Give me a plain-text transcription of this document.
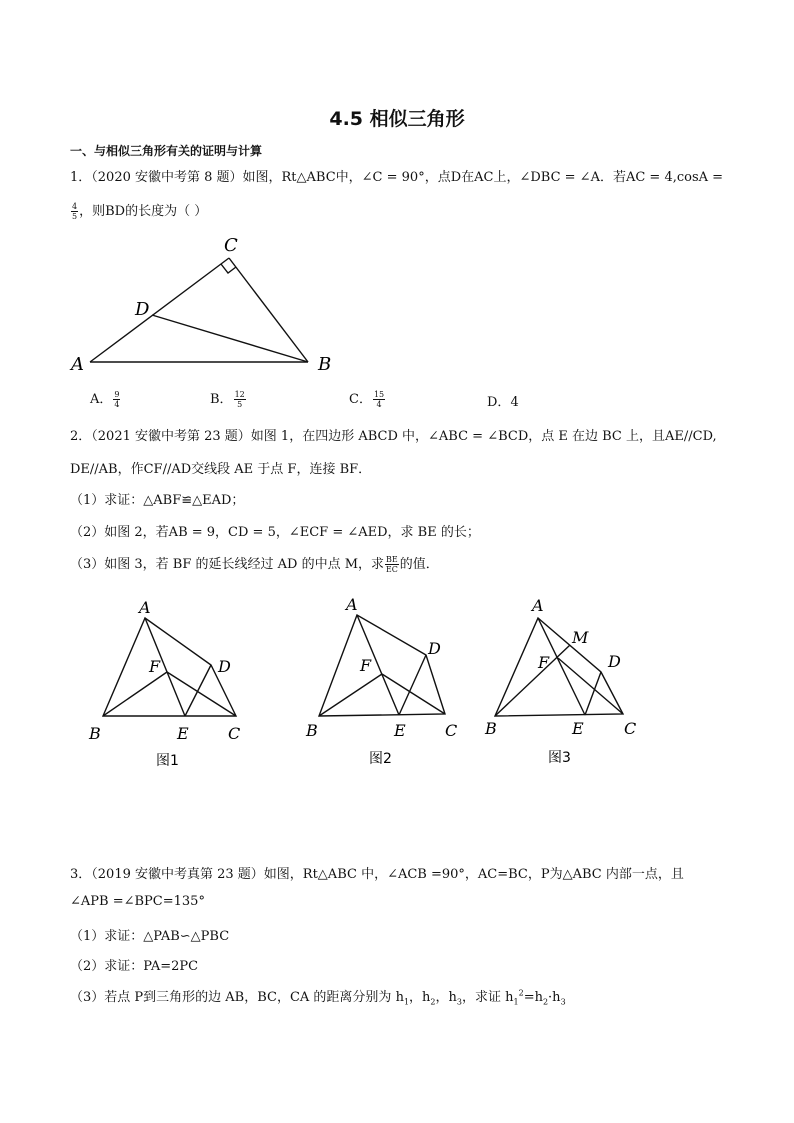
4.5 相似三角形
一、与相似三角形有关的证明与计算
1．（2020 安徽中考第 8 题）如图，Rt△ABC中，∠C = 90°，点D在AC上，∠DBC = ∠A．若AC = 4,cosA =
$\frac{4}{5}$ ，则BD的长度为（ ）
A	B
C
D
A． $\frac{9}{4}$	B． $\frac{12}{5}$	C． $\frac{15}{4}$	D．4
2．（2021 安徽中考第 23 题）如图 1，在四边形 ABCD 中，∠ABC = ∠BCD，点 E 在边 BC 上，且AE//CD,
DE//AB，作CF//AD交线段 AE 于点 F，连接 BF．
（1）求证：△ABF≌△EAD；
（2）如图 2，若AB = 9，CD = 5，∠ECF = ∠AED，求 BE 的长；
（3）如图 3，若 BF 的延长线经过 AD 的中点 M，求 $\frac{BE}{EC}$ 的值．
A
B	C
D
E
F
图1
A
B	C
D
E
F
图2
A
B	C
D
E
F
M
图3
3．（2019 安徽中考真第 23 题）如图，Rt△ABC 中，∠ACB =90°，AC=BC，P为△ABC 内部一点，且
∠APB =∠BPC=135°
（1）求证：△PAB∽△PBC
（2）求证：PA=2PC
（3）若点 P到三角形的边 AB，BC，CA 的距离分别为 $h_1$，$h_2$，$h_3$，求证 $h_1^2=h_2\cdot h_3$
